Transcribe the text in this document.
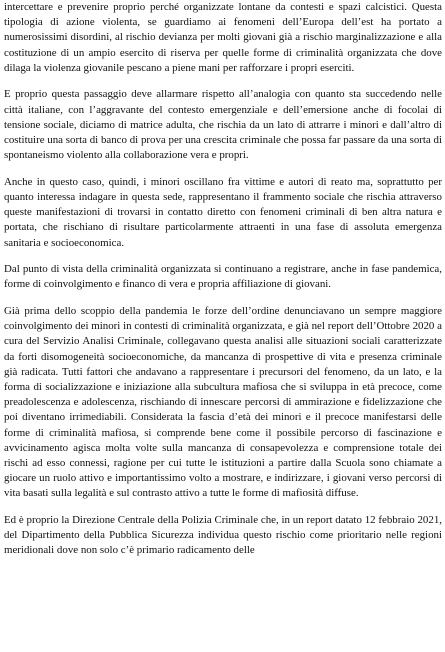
intercettare e prevenire proprio perché organizzate lontane da contesti e spazi calcistici. Questa tipologia di azione violenta, se guardiamo ai fenomeni dell’Europa dell’est ha portato a numerosissimi disordini, al rischio devianza per molti giovani già a rischio marginalizzazione e alla costituzione di un ampio esercito di riserva per quelle forme di criminalità organizzata che dove dilaga la violenza giovanile pescano a piene mani per rafforzare i propri eserciti.

E proprio questa passaggio deve allarmare rispetto all’analogia con quanto sta succedendo nelle città italiane, con l’aggravante del contesto emergenziale e dell’emersione anche di focolai di tensione sociale, diciamo di matrice adulta, che rischia da un lato di attrarre i minori e dall’altro di costituire una sorta di banco di prova per una crescita criminale che possa far passare da una sorta di spontaneismo violento alla collaborazione vera e propri.

Anche in questo caso, quindi, i minori oscillano fra vittime e autori di reato ma, soprattutto per quanto interessa indagare in questa sede, rappresentano il frammento sociale che rischia attraverso queste manifestazioni di trovarsi in contatto diretto con fenomeni criminali di ben altra natura e portata, che rischiano di risultare particolarmente attraenti in una fase di assoluta emergenza sanitaria e socioeconomica.

Dal punto di vista della criminalità organizzata si continuano a registrare, anche in fase pandemica, forme di coinvolgimento e financo di vera e propria affiliazione di giovani.

Già prima dello scoppio della pandemia le forze dell’ordine denunciavano un sempre maggiore coinvolgimento dei minori in contesti di criminalità organizzata, e già nel report dell’Ottobre 2020 a cura del Servizio Analisi Criminale, collegavano questa analisi alle situazioni sociali caratterizzate da forti disomogeneità socioeconomiche, da mancanza di prospettive di vita e presenza criminale già radicata. Tutti fattori che andavano a rappresentare i precursori del fenomeno, da un lato, e la forma di socializzazione e iniziazione alla subcultura mafiosa che si sviluppa in età precoce, come preadolescenza e adolescenza, rischiando di innescare percorsi di ammirazione e fidelizzazione che poi diventano irrimediabili. Considerata la fascia d’età dei minori e il precoce manifestarsi delle forme di criminalità mafiosa, si comprende bene come il possibile percorso di fascinazione e avvicinamento agisca molta volte sulla mancanza di consapevolezza e comprensione totale dei rischi ad esso connessi, ragione per cui tutte le istituzioni a partire dalla Scuola sono chiamate a giocare un ruolo attivo e importantissimo volto a mostrare, e indirizzare, i giovani verso percorsi di vita basati sulla legalità e sul contrasto attivo a tutte le forme di mafiosità diffuse.

Ed è proprio la Direzione Centrale della Polizia Criminale che, in un report datato 12 febbraio 2021, del Dipartimento della Pubblica Sicurezza individua questo rischio come prioritario nelle regioni meridionali dove non solo c’è primario radicamento delle
